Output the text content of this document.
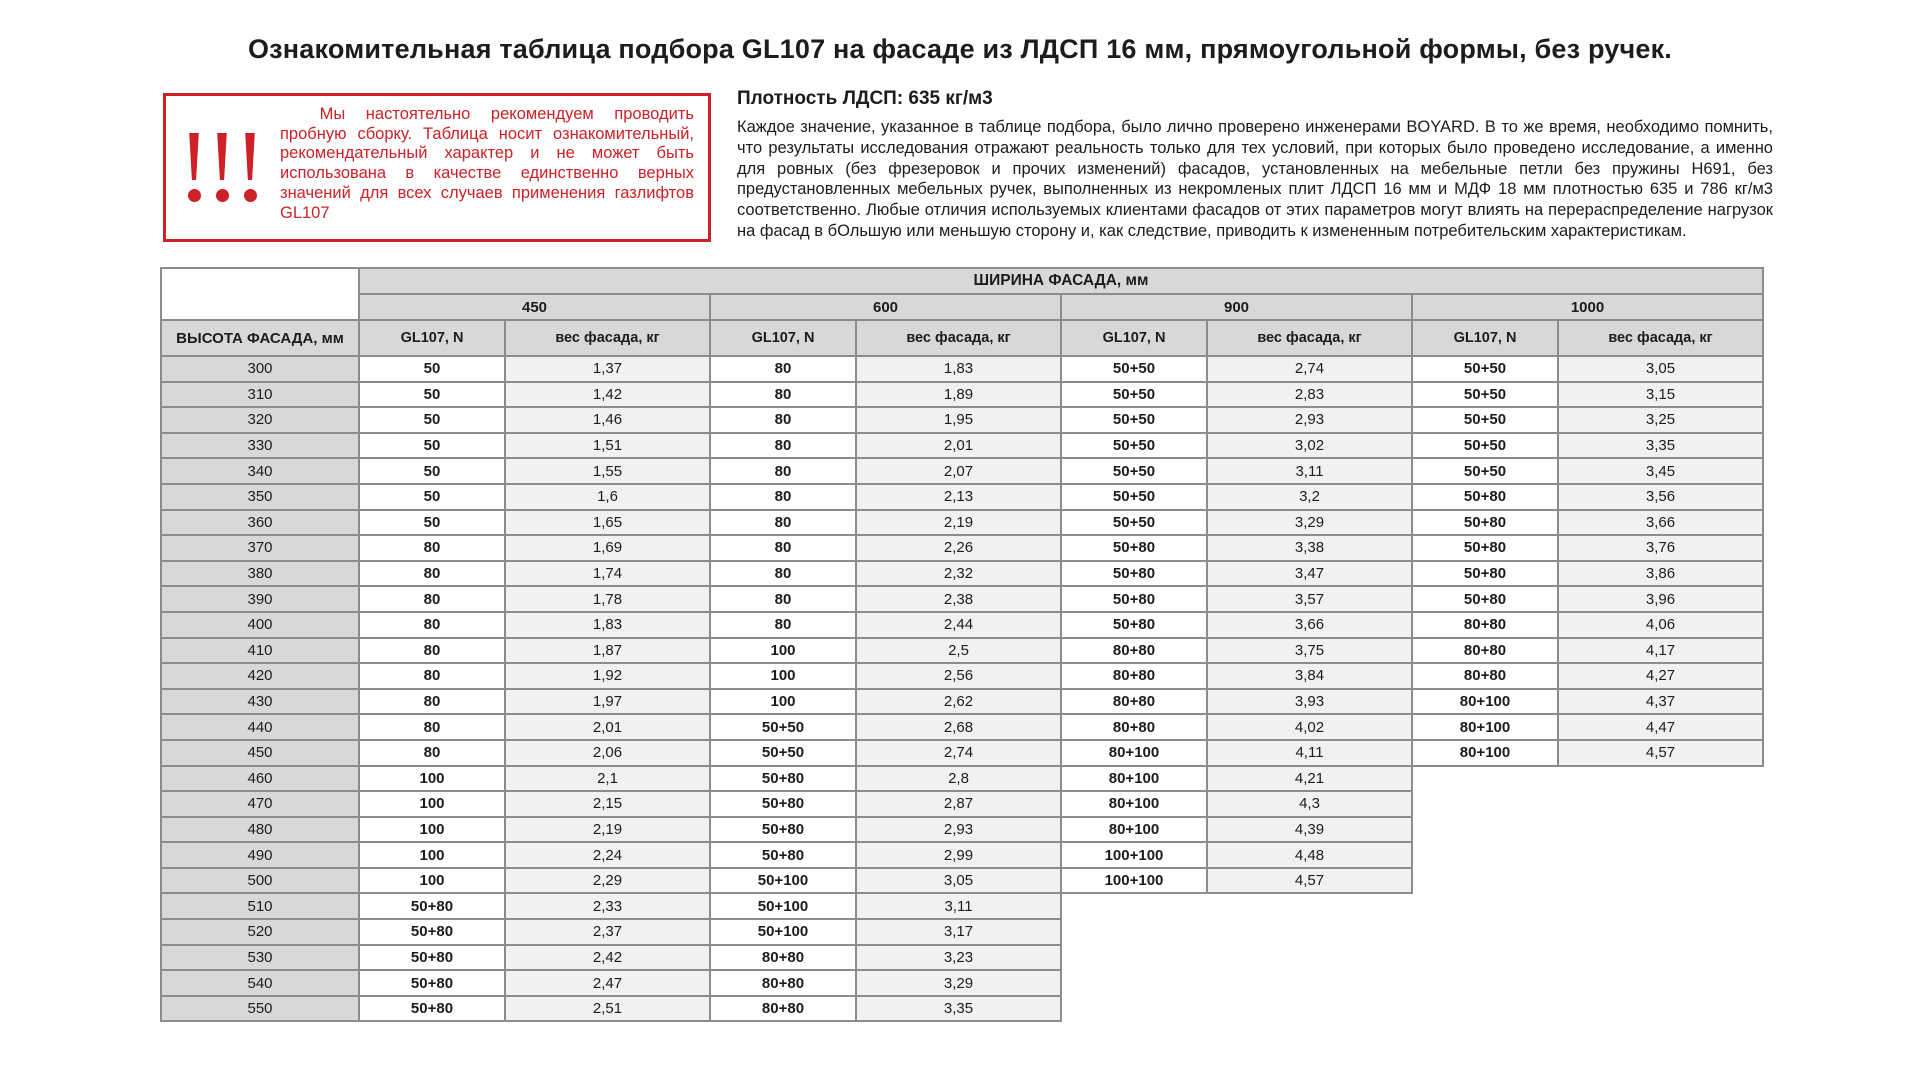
Ознакомительная таблица подбора GL107 на фасаде из ЛДСП 16 мм, прямоугольной формы, без ручек.
Мы настоятельно рекомендуем проводить пробную сборку. Таблица носит ознакомительный, рекомендательный характер и не может быть использована в качестве единственно верных значений для всех случаев применения газлифтов GL107
Плотность ЛДСП: 635 кг/м3

Каждое значение, указанное в таблице подбора, было лично проверено инженерами BOYARD. В то же время, необходимо помнить, что результаты исследования отражают реальность только для тех условий, при которых было проведено исследование, а именно для ровных (без фрезеровок и прочих изменений) фасадов, установленных на мебельные петли без пружины Н691, без предустановленных мебельных ручек, выполненных из некромленых плит ЛДСП 16 мм и МДФ 18 мм плотностью 635 и 786 кг/м3 соответственно. Любые отличия используемых клиентами фасадов от этих параметров могут влиять на перераспределение нагрузок на фасад в бОльшую или меньшую сторону и, как следствие, приводить к измененным потребительским характеристикам.

	ШИРИНА ФАСАДА, мм							
	450		600		900		1000	
ВЫСОТА ФАСАДА, мм	GL107, N	вес фасада, кг	GL107, N	вес фасада, кг	GL107, N	вес фасада, кг	GL107, N	вес фасада, кг
300	50	1,37	80	1,83	50+50	2,74	50+50	3,05
310	50	1,42	80	1,89	50+50	2,83	50+50	3,15
320	50	1,46	80	1,95	50+50	2,93	50+50	3,25
330	50	1,51	80	2,01	50+50	3,02	50+50	3,35
340	50	1,55	80	2,07	50+50	3,11	50+50	3,45
350	50	1,6	80	2,13	50+50	3,2	50+80	3,56
360	50	1,65	80	2,19	50+50	3,29	50+80	3,66
370	80	1,69	80	2,26	50+80	3,38	50+80	3,76
380	80	1,74	80	2,32	50+80	3,47	50+80	3,86
390	80	1,78	80	2,38	50+80	3,57	50+80	3,96
400	80	1,83	80	2,44	50+80	3,66	80+80	4,06
410	80	1,87	100	2,5	80+80	3,75	80+80	4,17
420	80	1,92	100	2,56	80+80	3,84	80+80	4,27
430	80	1,97	100	2,62	80+80	3,93	80+100	4,37
440	80	2,01	50+50	2,68	80+80	4,02	80+100	4,47
450	80	2,06	50+50	2,74	80+100	4,11	80+100	4,57
460	100	2,1	50+80	2,8	80+100	4,21		
470	100	2,15	50+80	2,87	80+100	4,3		
480	100	2,19	50+80	2,93	80+100	4,39		
490	100	2,24	50+80	2,99	100+100	4,48		
500	100	2,29	50+100	3,05	100+100	4,57		
510	50+80	2,33	50+100	3,11				
520	50+80	2,37	50+100	3,17				
530	50+80	2,42	80+80	3,23				
540	50+80	2,47	80+80	3,29				
550	50+80	2,51	80+80	3,35				
